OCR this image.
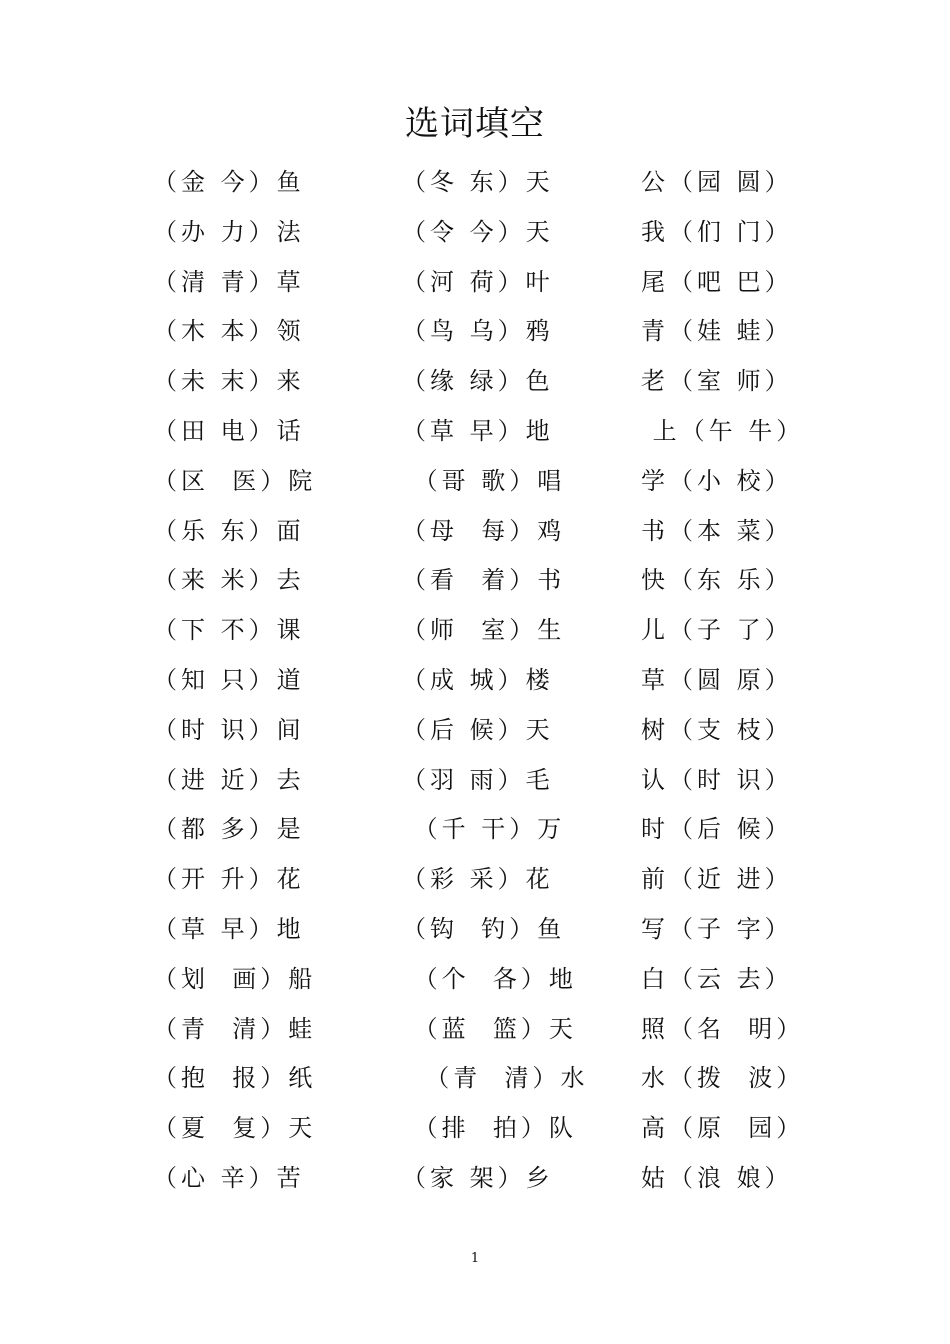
选词填空
（金 今）鱼	（冬 东）天	公（园 圆）
（办 力）法	（令 今）天	我（们 门）
（清 青）草	（河 荷）叶	尾（吧 巴）
（木 本）领	（鸟 乌）鸦	青（娃 蛙）
（未 末）来	（缘 绿）色	老（室 师）
（田 电）话	（草 早）地	上（午 牛）
（区  医）院	（哥 歌）唱	学（小 校）
（乐 东）面	（母  每）鸡	书（本 菜）
（来 米）去	（看  着）书	快（东 乐）
（下 不）课	（师  室）生	儿（子 了）
（知 只）道	（成 城）楼	草（圆 原）
（时 识）间	（后 候）天	树（支 枝）
（进 近）去	（羽 雨）毛	认（时 识）
（都 多）是	（千 干）万	时（后 候）
（开 升）花	（彩 采）花	前（近 进）
（草 早）地	（钩  钓）鱼	写（子 字）
（划  画）船	（个  各）地	白（云 去）
（青  清）蛙	（蓝  篮）天	照（名  明）
（抱  报）纸	（青  清）水 水（拨  波）
（夏  复）天	（排  拍）队	高（原  园）
（心 辛）苦	（家 架）乡	姑（浪 娘）
1
